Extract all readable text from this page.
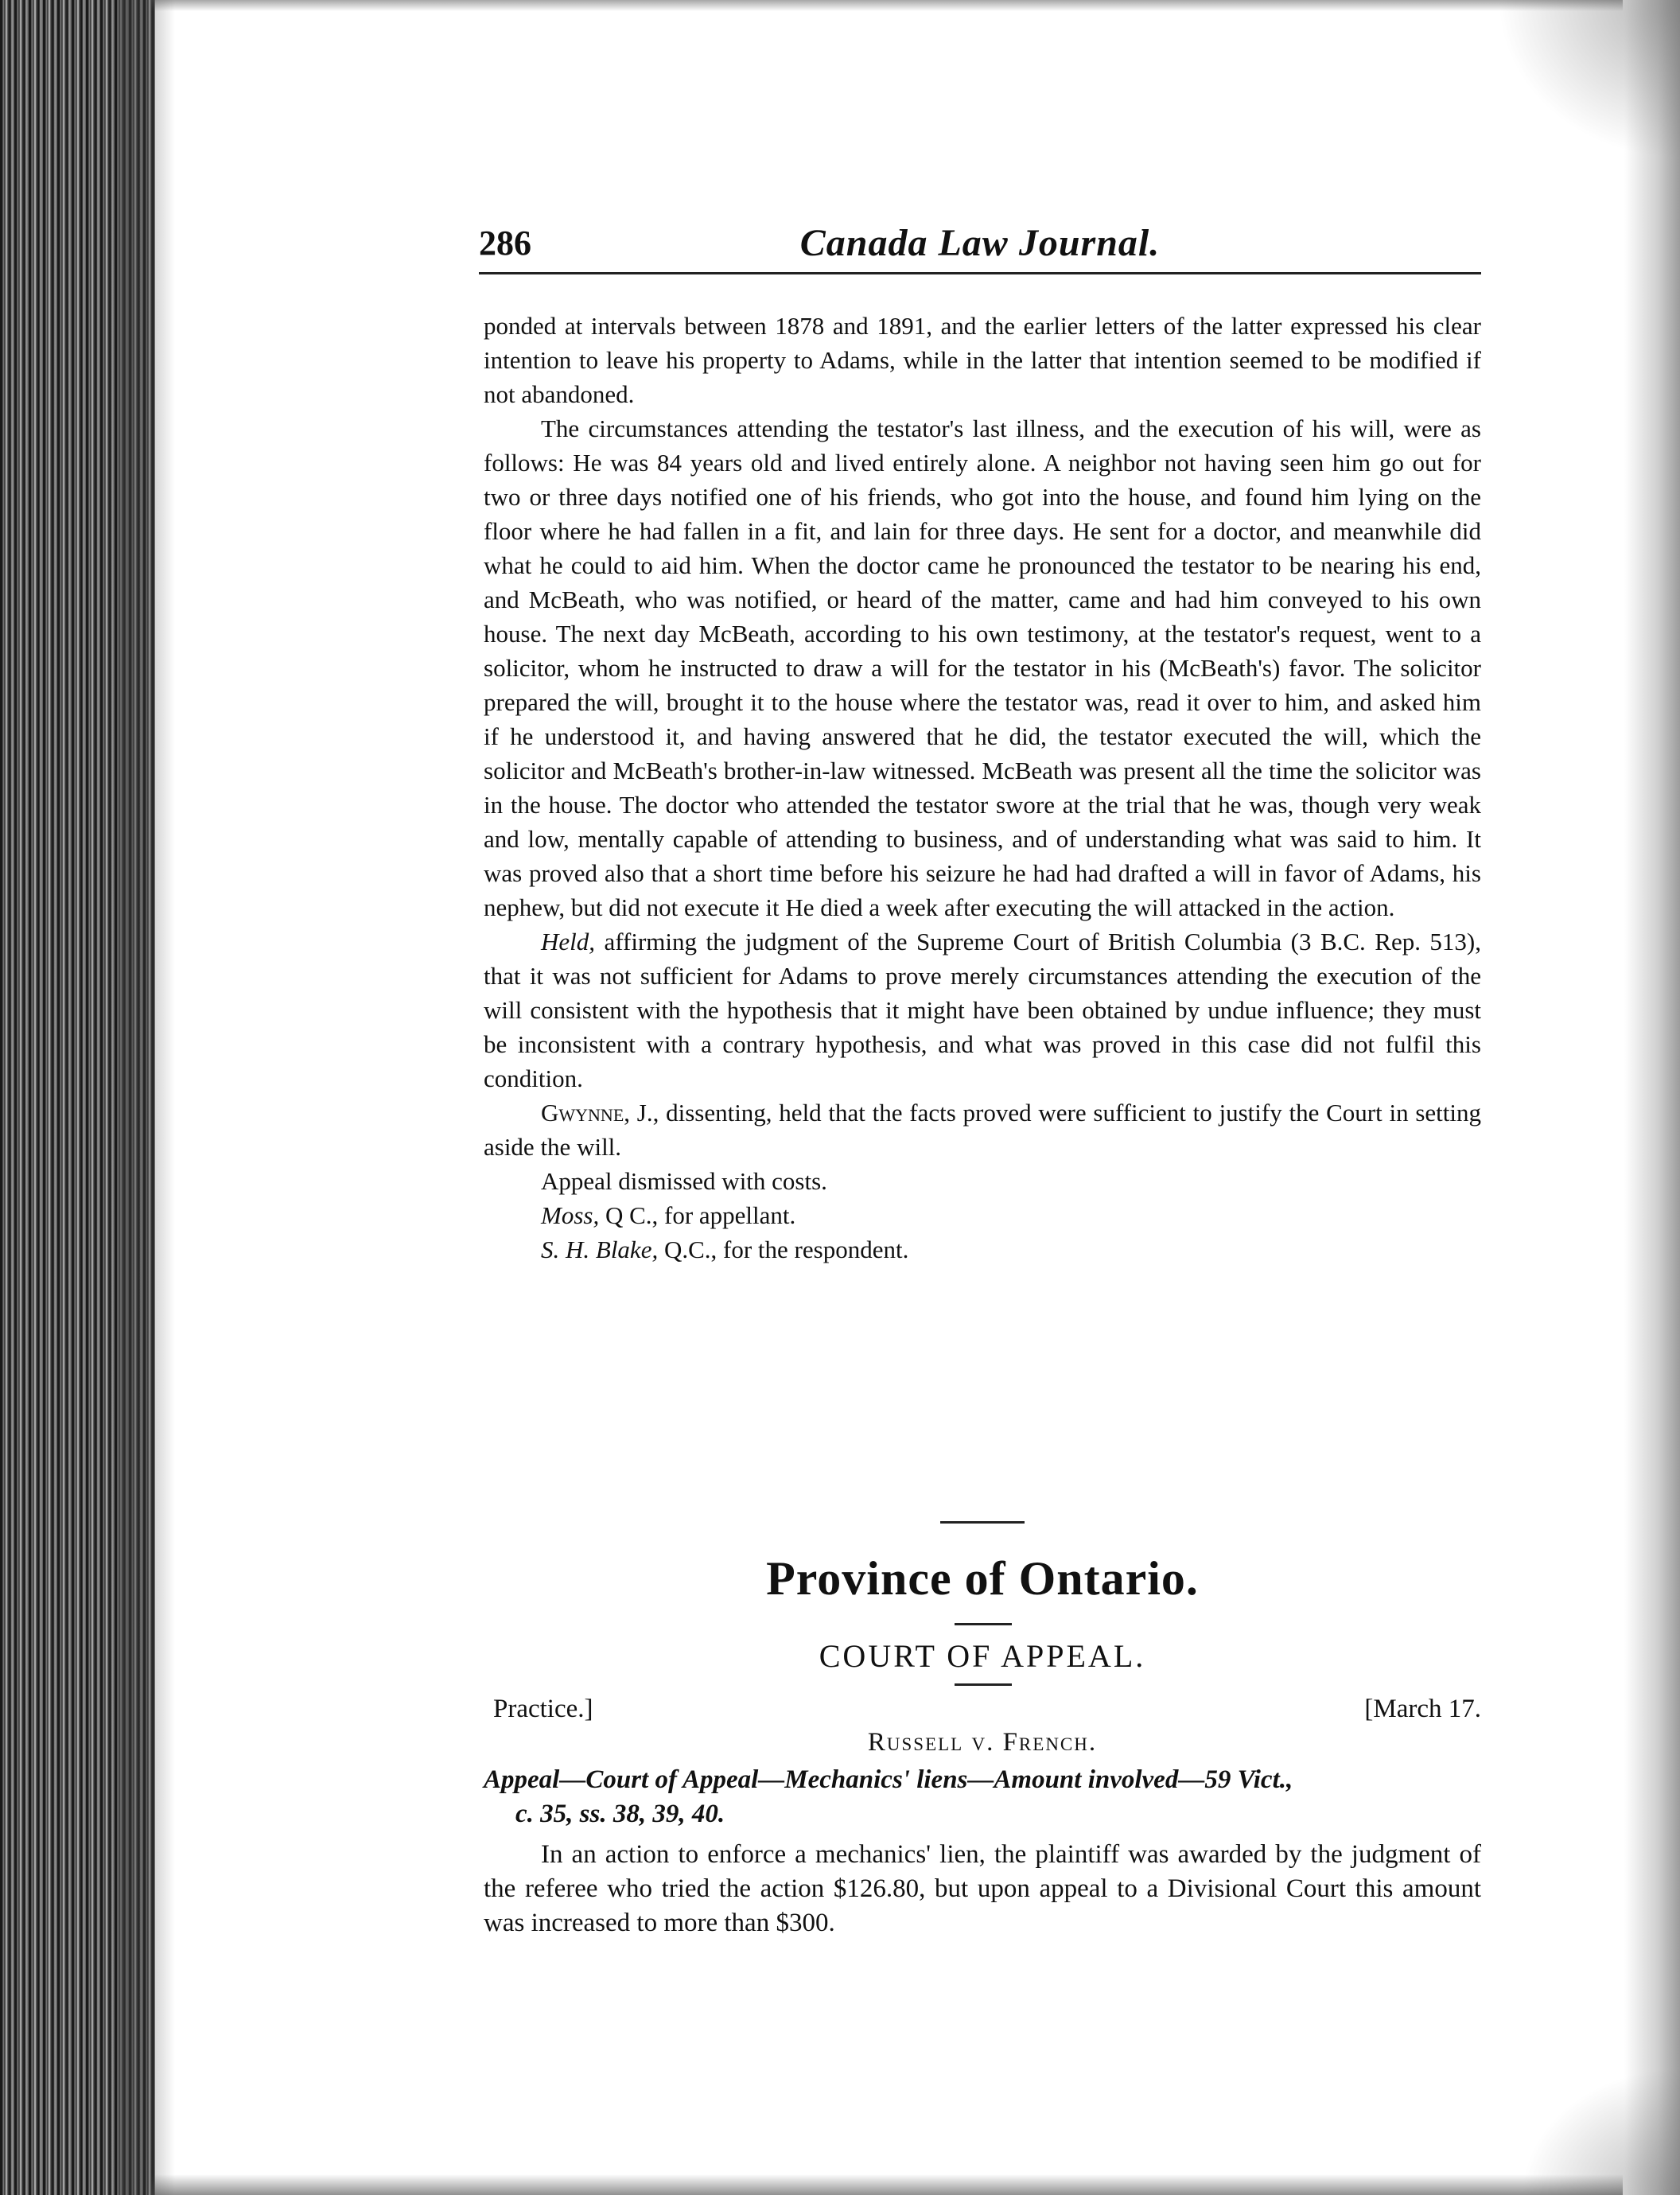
286	Canada Law Journal.

ponded at intervals between 1878 and 1891, and the earlier letters of the latter expressed his clear intention to leave his property to Adams, while in the latter that intention seemed to be modified if not abandoned.

The circumstances attending the testator's last illness, and the execution of his will, were as follows: He was 84 years old and lived entirely alone. A neighbor not having seen him go out for two or three days notified one of his friends, who got into the house, and found him lying on the floor where he had fallen in a fit, and lain for three days. He sent for a doctor, and meanwhile did what he could to aid him. When the doctor came he pronounced the testator to be nearing his end, and McBeath, who was notified, or heard of the matter, came and had him conveyed to his own house. The next day McBeath, according to his own testimony, at the testator's request, went to a solicitor, whom he instructed to draw a will for the testator in his (McBeath's) favor. The solicitor prepared the will, brought it to the house where the testator was, read it over to him, and asked him if he understood it, and having answered that he did, the testator executed the will, which the solicitor and McBeath's brother-in-law witnessed. McBeath was present all the time the solicitor was in the house. The doctor who attended the testator swore at the trial that he was, though very weak and low, mentally capable of attending to business, and of understanding what was said to him. It was proved also that a short time before his seizure he had had drafted a will in favor of Adams, his nephew, but did not execute it He died a week after executing the will attacked in the action.

Held, affirming the judgment of the Supreme Court of British Columbia (3 B.C. Rep. 513), that it was not sufficient for Adams to prove merely circumstances attending the execution of the will consistent with the hypothesis that it might have been obtained by undue influence; they must be inconsistent with a contrary hypothesis, and what was proved in this case did not fulfil this condition.

Gwynne, J., dissenting, held that the facts proved were sufficient to justify the Court in setting aside the will.

Appeal dismissed with costs.

Moss, Q C., for appellant.

S. H. Blake, Q.C., for the respondent.

Province of Ontario.
COURT OF APPEAL.
Practice.]	[March 17.
Russell v. French.
Appeal—Court of Appeal—Mechanics' liens—Amount involved—59 Vict.,
c. 35, ss. 38, 39, 40.

In an action to enforce a mechanics' lien, the plaintiff was awarded by the judgment of the referee who tried the action $126.80, but upon appeal to a Divisional Court this amount was increased to more than $300.
